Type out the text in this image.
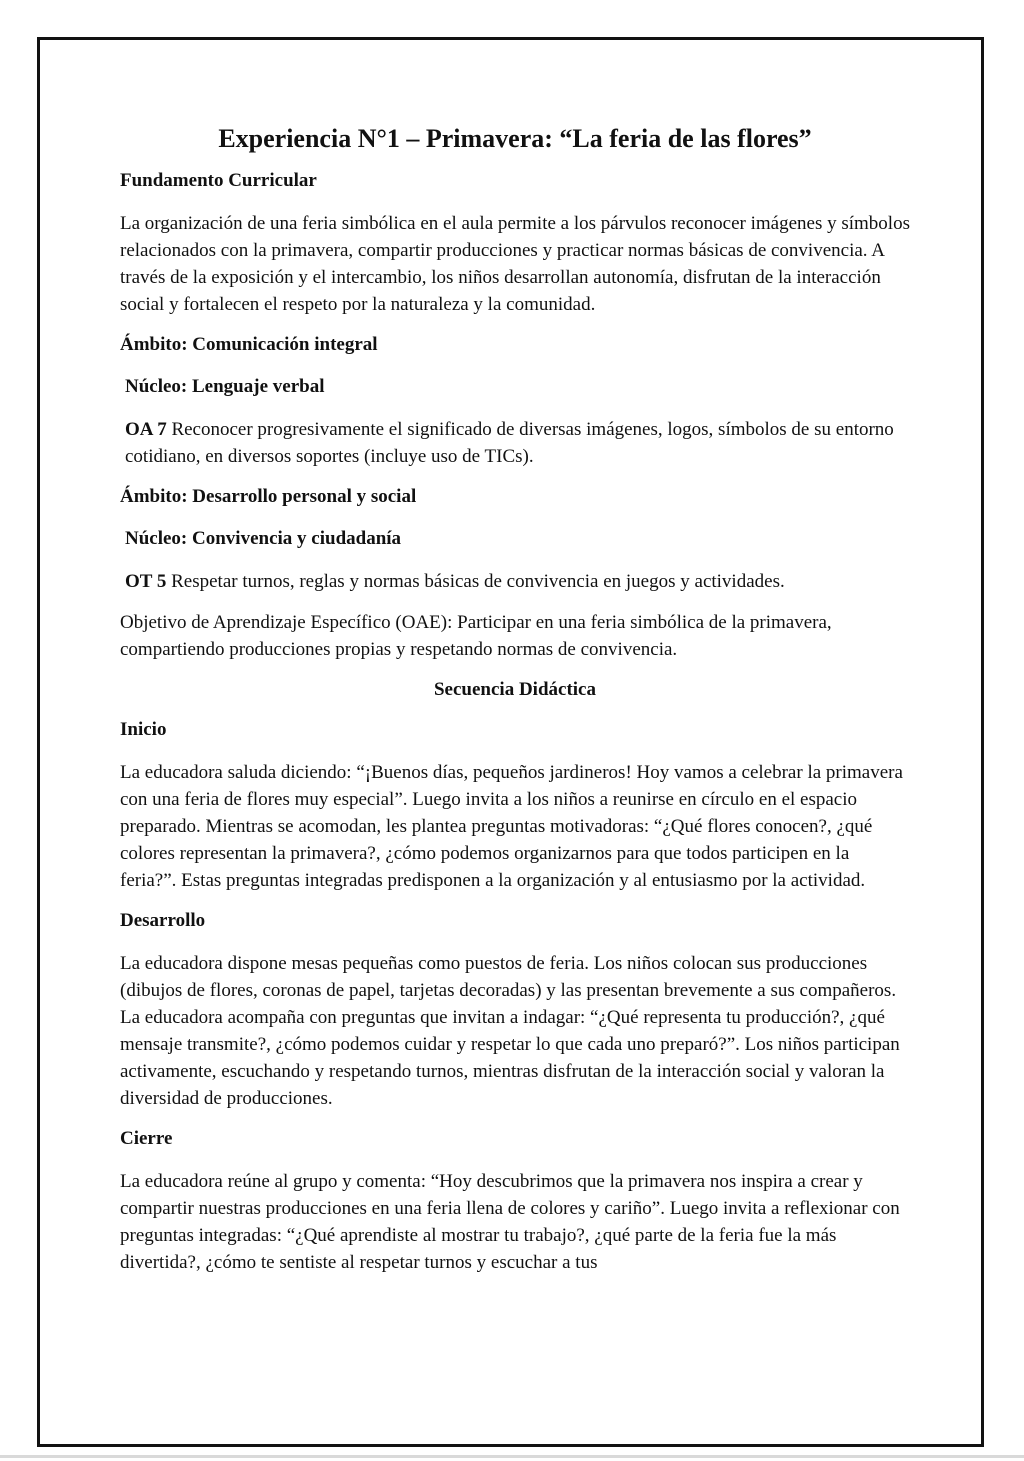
Experiencia N°1 – Primavera: “La feria de las flores”
Fundamento Curricular

La organización de una feria simbólica en el aula permite a los párvulos reconocer imágenes y símbolos relacionados con la primavera, compartir producciones y practicar normas básicas de convivencia. A través de la exposición y el intercambio, los niños desarrollan autonomía, disfrutan de la interacción social y fortalecen el respeto por la naturaleza y la comunidad.

Ámbito: Comunicación integral
Núcleo: Lenguaje verbal

OA 7 Reconocer progresivamente el significado de diversas imágenes, logos, símbolos de su entorno cotidiano, en diversos soportes (incluye uso de TICs).

Ámbito: Desarrollo personal y social
Núcleo: Convivencia y ciudadanía

OT 5 Respetar turnos, reglas y normas básicas de convivencia en juegos y actividades.

Objetivo de Aprendizaje Específico (OAE): Participar en una feria simbólica de la primavera, compartiendo producciones propias y respetando normas de convivencia.

Secuencia Didáctica
Inicio

La educadora saluda diciendo: “¡Buenos días, pequeños jardineros! Hoy vamos a celebrar la primavera con una feria de flores muy especial”. Luego invita a los niños a reunirse en círculo en el espacio preparado. Mientras se acomodan, les plantea preguntas motivadoras: “¿Qué flores conocen?, ¿qué colores representan la primavera?, ¿cómo podemos organizarnos para que todos participen en la feria?”. Estas preguntas integradas predisponen a la organización y al entusiasmo por la actividad.

Desarrollo

La educadora dispone mesas pequeñas como puestos de feria. Los niños colocan sus producciones (dibujos de flores, coronas de papel, tarjetas decoradas) y las presentan brevemente a sus compañeros. La educadora acompaña con preguntas que invitan a indagar: “¿Qué representa tu producción?, ¿qué mensaje transmite?, ¿cómo podemos cuidar y respetar lo que cada uno preparó?”. Los niños participan activamente, escuchando y respetando turnos, mientras disfrutan de la interacción social y valoran la diversidad de producciones.

Cierre

La educadora reúne al grupo y comenta: “Hoy descubrimos que la primavera nos inspira a crear y compartir nuestras producciones en una feria llena de colores y cariño”. Luego invita a reflexionar con preguntas integradas: “¿Qué aprendiste al mostrar tu trabajo?, ¿qué parte de la feria fue la más divertida?, ¿cómo te sentiste al respetar turnos y escuchar a tus
